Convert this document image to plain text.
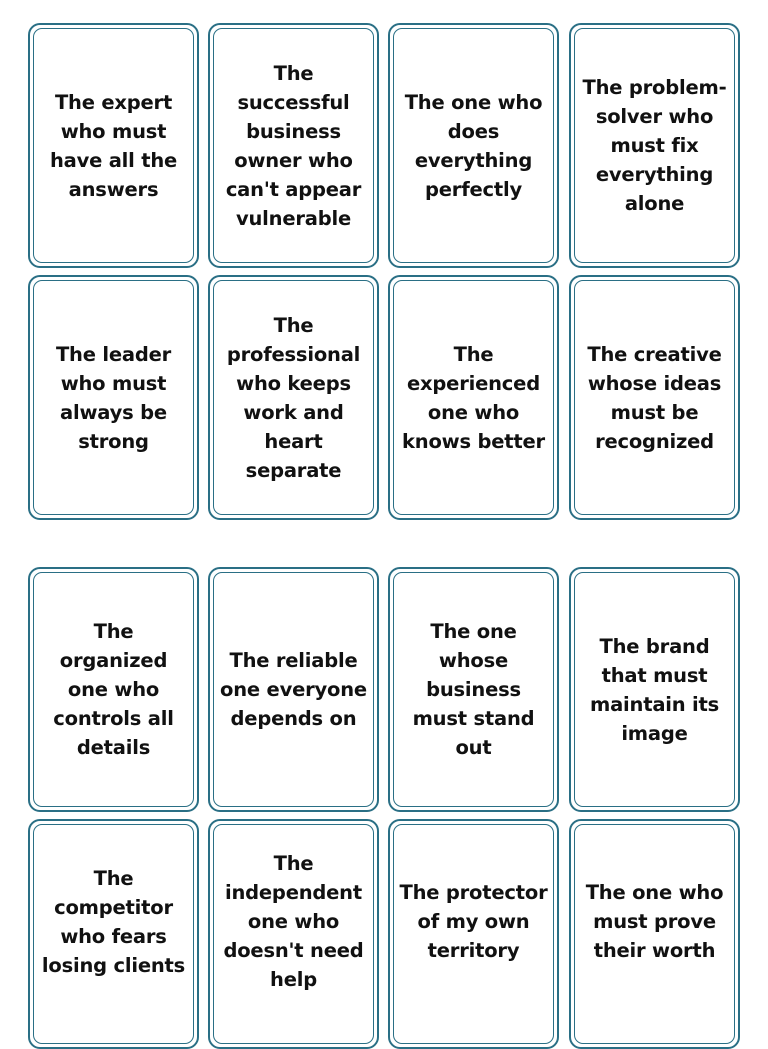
The expert who must have all the answers
The successful business owner who can't appear vulnerable
The one who does everything perfectly
The problem-solver who must fix everything alone
The leader who must always be strong
The professional who keeps work and heart separate
The experienced one who knows better
The creative whose ideas must be recognized
The organized one who controls all details
The reliable one everyone depends on
The one whose business must stand out
The brand that must maintain its image
The competitor who fears losing clients
The independent one who doesn't need help
The protector of my own territory
The one who must prove their worth
